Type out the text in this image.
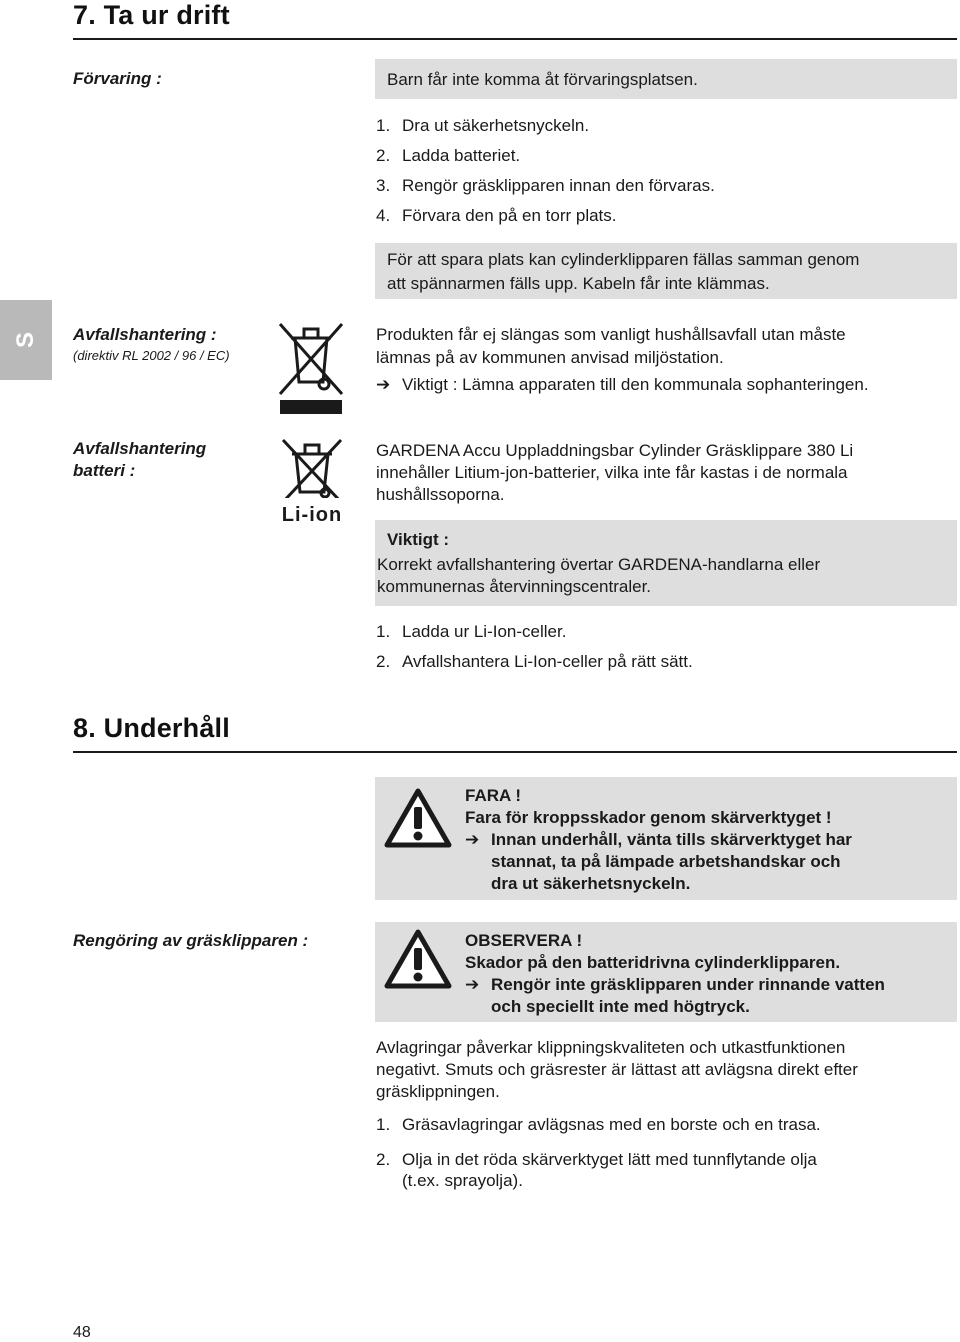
7. Ta ur drift
Förvaring :	Barn får inte komma åt förvaringsplatsen.
1. Dra ut säkerhetsnyckeln.
2. Ladda batteriet.
3. Rengör gräsklipparen innan den förvaras.
4. Förvara den på en torr plats.
För att spara plats kan cylinderklipparen fällas samman genom
att spännarmen fälls upp. Kabeln får inte klämmas.
S Avfallshantering :
(direktiv RL 2002 / 96 / EC)
Produkten får ej slängas som vanligt hushållsavfall utan måste
lämnas på av kommunen anvisad miljöstation.
➔ Viktigt : Lämna apparaten till den kommunala sophanteringen.
Avfallshantering
batteri :
Li-ion
GARDENA Accu Uppladdningsbar Cylinder Gräsklippare 380 Li
innehåller Litium-jon-batterier, vilka inte får kastas i de normala
hushållssoporna.
Viktigt :
Korrekt avfallshantering övertar GARDENA-handlarna eller
kommunernas återvinningscentraler.
1. Ladda ur Li-Ion-celler.
2. Avfallshantera Li-Ion-celler på rätt sätt.
8. Underhåll
FARA !
Fara för kroppsskador genom skärverktyget !
➔ Innan underhåll, vänta tills skärverktyget har
stannat, ta på lämpade arbetshandskar och
dra ut säkerhetsnyckeln.
Rengöring av gräsklipparen :	OBSERVERA !
Skador på den batteridrivna cylinderklipparen.
➔ Rengör inte gräsklipparen under rinnande vatten
och speciellt inte med högtryck.
Avlagringar påverkar klippningskvaliteten och utkastfunktionen
negativt. Smuts och gräsrester är lättast att avlägsna direkt efter
gräsklippningen.
1. Gräsavlagringar avlägsnas med en borste och en trasa.
2. Olja in det röda skärverktyget lätt med tunnflytande olja
(t.ex. sprayolja).
48
